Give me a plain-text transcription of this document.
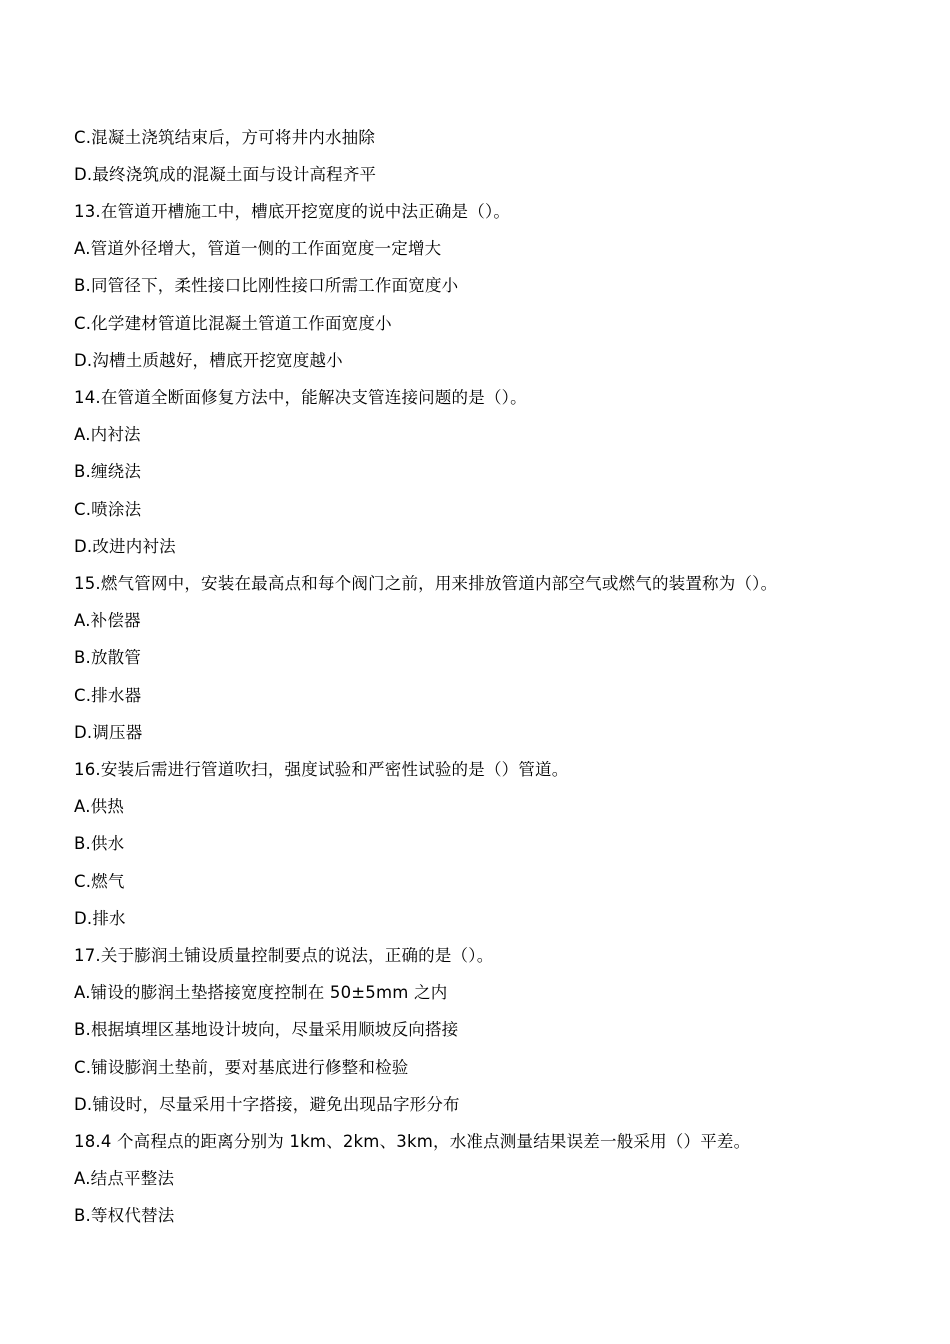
C.混凝土浇筑结束后，方可将井内水抽除
D.最终浇筑成的混凝土面与设计高程齐平
13.在管道开槽施工中，槽底开挖宽度的说中法正确是（）。
A.管道外径增大，管道一侧的工作面宽度一定增大
B.同管径下，柔性接口比刚性接口所需工作面宽度小
C.化学建材管道比混凝土管道工作面宽度小
D.沟槽土质越好，槽底开挖宽度越小
14.在管道全断面修复方法中，能解决支管连接问题的是（）。
A.内衬法
B.缠绕法
C.喷涂法
D.改进内衬法
15.燃气管网中，安装在最高点和每个阀门之前，用来排放管道内部空气或燃气的装置称为（）。
A.补偿器
B.放散管
C.排水器
D.调压器
16.安装后需进行管道吹扫，强度试验和严密性试验的是（）管道。
A.供热
B.供水
C.燃气
D.排水
17.关于膨润土铺设质量控制要点的说法，正确的是（）。
A.铺设的膨润土垫搭接宽度控制在 50±5mm 之内
B.根据填埋区基地设计坡向，尽量采用顺坡反向搭接
C.铺设膨润土垫前，要对基底进行修整和检验
D.铺设时，尽量采用十字搭接，避免出现品字形分布
18.4 个高程点的距离分别为 1km、2km、3km，水准点测量结果误差一般采用（）平差。
A.结点平整法
B.等权代替法
